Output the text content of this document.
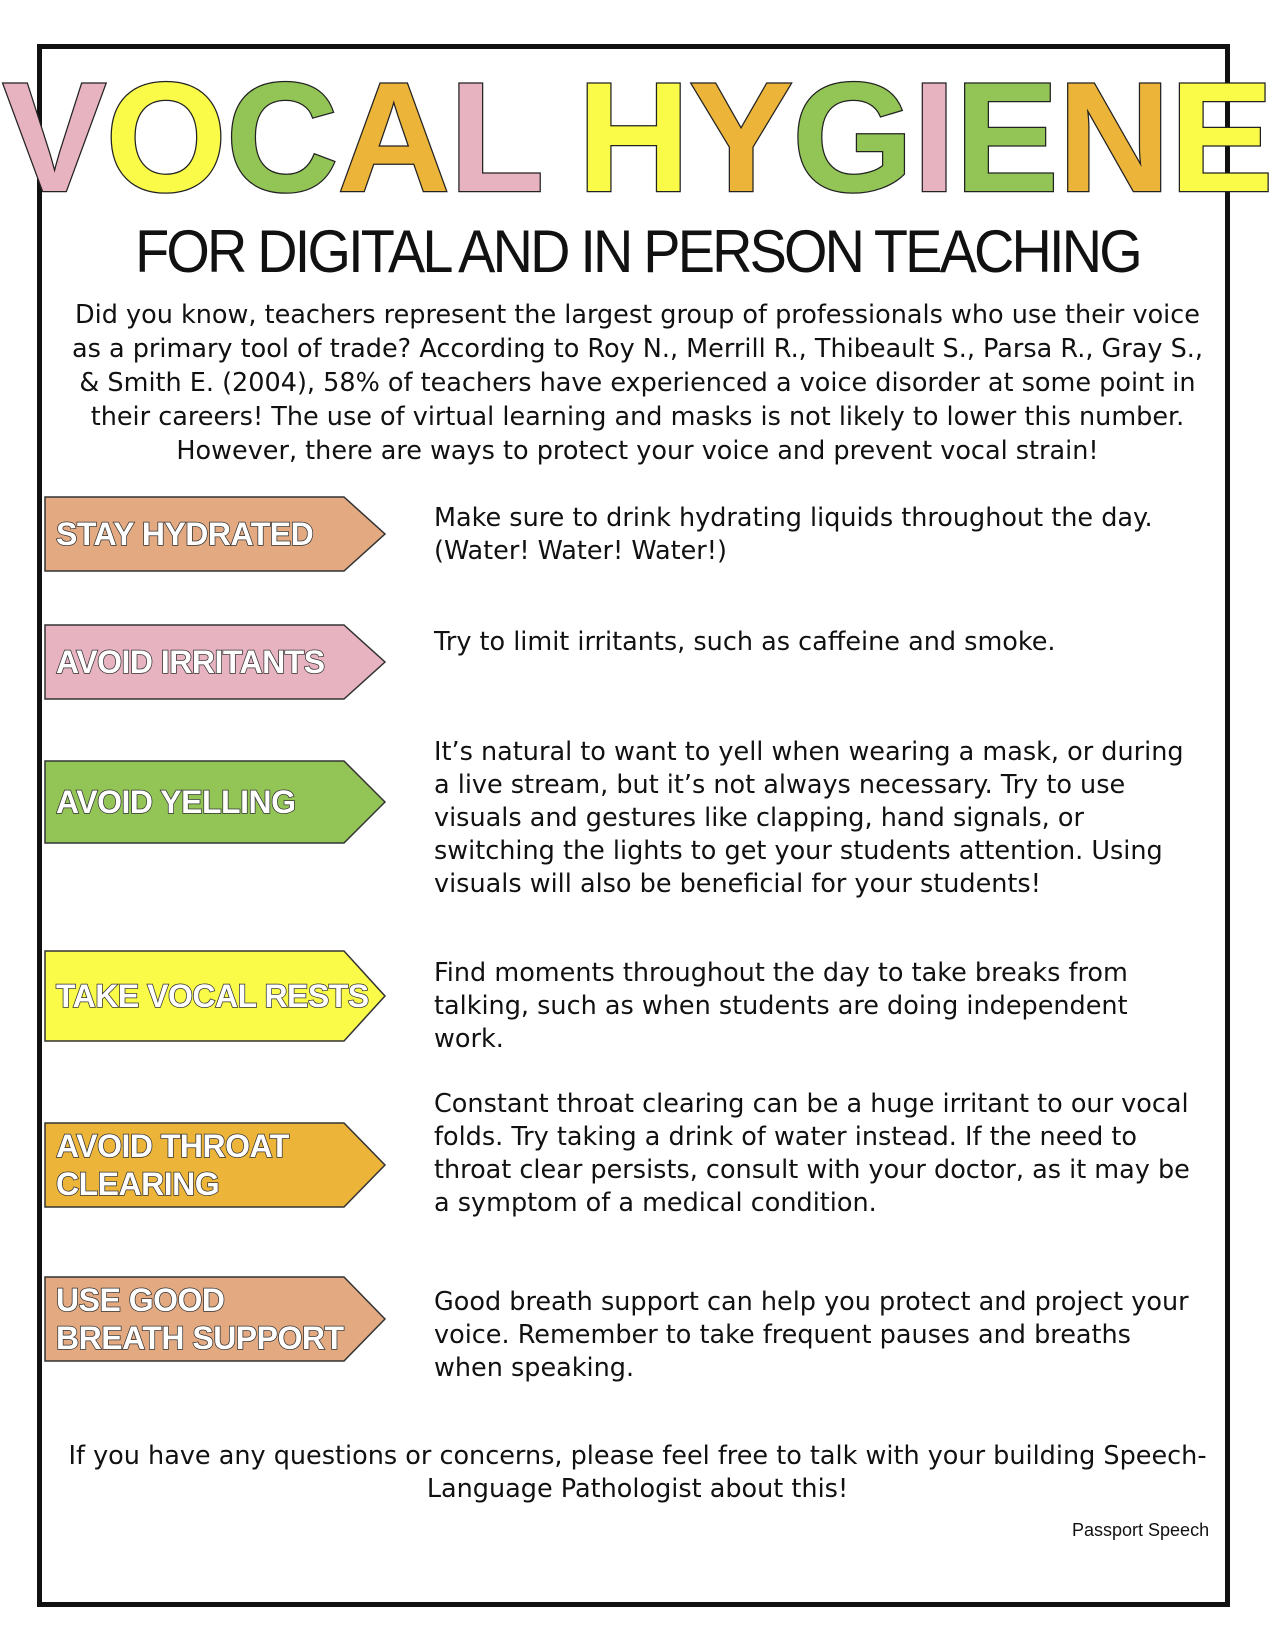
VOCAL HYGIENE
FOR DIGITAL AND IN PERSON TEACHING
Did you know, teachers represent the largest group of professionals who use their voice as a primary tool of trade? According to Roy N., Merrill R., Thibeault S., Parsa R., Gray S., & Smith E. (2004), 58% of teachers have experienced a voice disorder at some point in their careers! The use of virtual learning and masks is not likely to lower this number. However, there are ways to protect your voice and prevent vocal strain!
STAY HYDRATED	Make sure to drink hydrating liquids throughout the day. (Water! Water! Water!)
AVOID IRRITANTS
Try to limit irritants, such as caffeine and smoke.
AVOID YELLING
It’s natural to want to yell when wearing a mask, or during a live stream, but it’s not always necessary. Try to use visuals and gestures like clapping, hand signals, or switching the lights to get your students attention. Using visuals will also be beneficial for your students!
TAKE VOCAL RESTS
Find moments throughout the day to take breaks from talking, such as when students are doing independent work.
AVOID THROAT CLEARING
Constant throat clearing can be a huge irritant to our vocal folds. Try taking a drink of water instead. If the need to throat clear persists, consult with your doctor, as it may be a symptom of a medical condition.
USE GOOD BREATH SUPPORT
Good breath support can help you protect and project your voice. Remember to take frequent pauses and breaths when speaking.
If you have any questions or concerns, please feel free to talk with your building Speech-Language Pathologist about this!
Passport Speech
